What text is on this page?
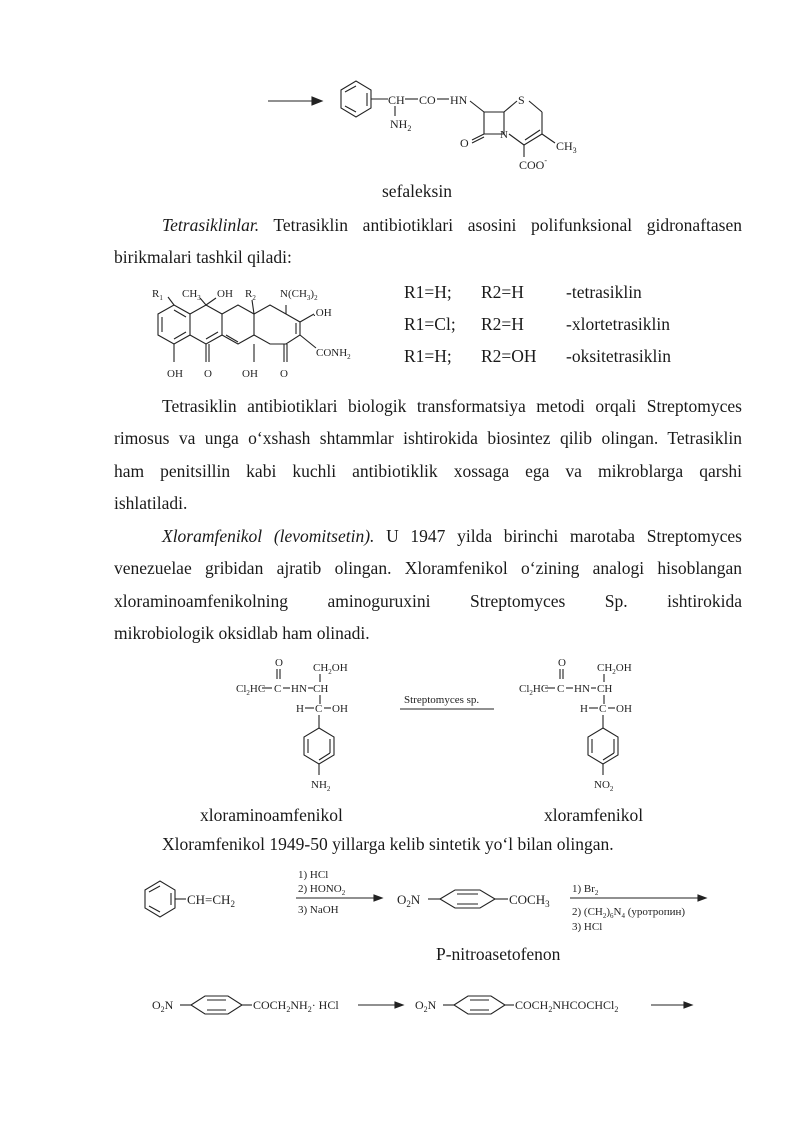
CH CO HN
$NH_2$
O
N
S
$CH_3$
COO-
sefaleksin
Tetrasiklinlar. Tetrasiklin antibiotiklari asosini polifunksional gidronaftasen
birikmalari tashkil qiladi:
$R_1$ $CH_3$ OH $R_2$ $N(CH_3)_2$
.OH
$CONH_2$
OH O	OH O
R1=H; R2=H -tetrasiklin
R1=Cl; R2=H -xlortetrasiklin
R1=H; R2=OH -oksitetrasiklin
Tetrasiklin antibiotiklari biologik transformatsiya metodi orqali Streptomyces
rimosus va unga o‘xshash shtammlar ishtirokida biosintez qilib olingan. Tetrasiklin
ham penitsillin kabi kuchli antibiotiklik xossaga ega va mikroblarga qarshi
ishlatiladi.
Xloramfenikol (levomitsetin). U 1947 yilda birinchi marotaba Streptomyces
venezuelae gribidan ajratib olingan. Xloramfenikol o‘zining analogi hisoblangan
xloraminoamfenikolning aminoguruxini Streptomyces Sp. ishtirokida
mikrobiologik oksidlab ham olinadi.
O	$CH_2OH$
$Cl_2HC$ C HN CH
H C OH
$NH_2$
Streptomyces sp.
O	$CH_2OH$
$Cl_2HC$ C HN CH
H C OH
$NO_2$
xloraminoamfenikol	xloramfenikol
Xloramfenikol 1949-50 yillarga kelib sintetik yo‘l bilan olingan.
$CH=CH_2$
1) HCl
2) $HONO_2$
3) NaOH
$O_2N$	$COCH_3$
1) $Br_2$
2) $(CH_2)_6N_4$ (уротропин)
3) HCl
$O_2N$	$COCH_2NH_2\cdot$ HCl	$O_2N$	$COCH_2NHCOCHCl_2$
P-nitroasetofenon
